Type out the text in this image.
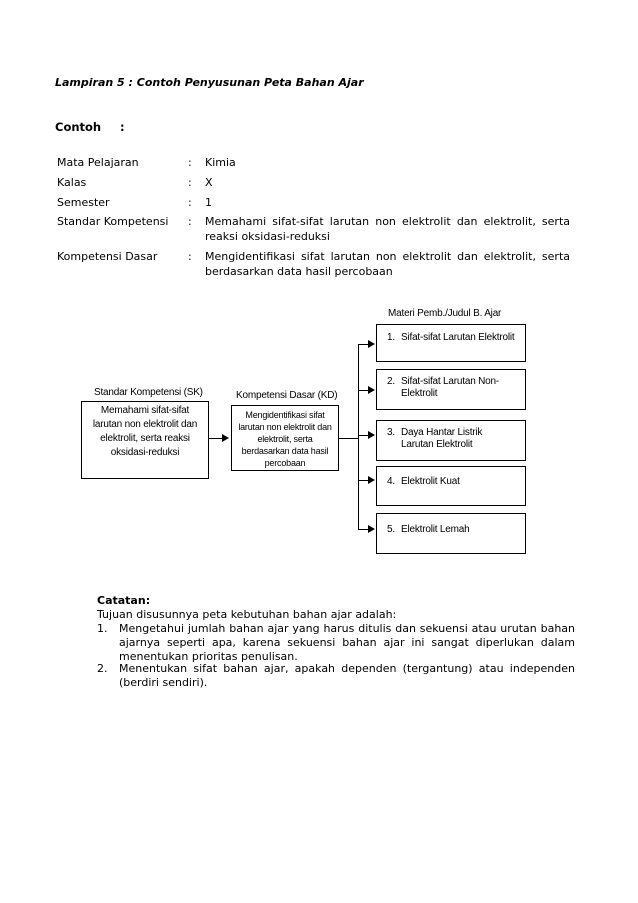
Lampiran 5 : Contoh Penyusunan Peta Bahan Ajar
Contoh :
Mata Pelajaran	: Kimia
Kalas	: X
Semester	: 1
Standar Kompetensi : Memahami sifat-sifat larutan non elektrolit dan elektrolit, serta reaksi oksidasi-reduksi
Kompetensi Dasar	: Mengidentifikasi sifat larutan non elektrolit dan elektrolit, serta berdasarkan data hasil percobaan
Materi Pemb./Judul B. Ajar
Standar Kompetensi (SK)
Memahami sifat-sifat larutan non elektrolit dan elektrolit, serta reaksi oksidasi-reduksi
Kompetensi Dasar (KD)
Mengidentifikasi sifat larutan non elektrolit dan elektrolit, serta berdasarkan data hasil percobaan
1. Sifat-sifat Larutan Elektrolit
2. Sifat-sifat Larutan Non-Elektrolit
3. Daya Hantar Listrik Larutan Elektrolit
4. Elektrolit Kuat
5. Elektrolit Lemah
Catatan:
Tujuan disusunnya peta kebutuhan bahan ajar adalah:
1. Mengetahui jumlah bahan ajar yang harus ditulis dan sekuensi atau urutan bahan ajarnya seperti apa, karena sekuensi bahan ajar ini sangat diperlukan dalam menentukan prioritas penulisan.
2. Menentukan sifat bahan ajar, apakah dependen (tergantung) atau independen (berdiri sendiri).
